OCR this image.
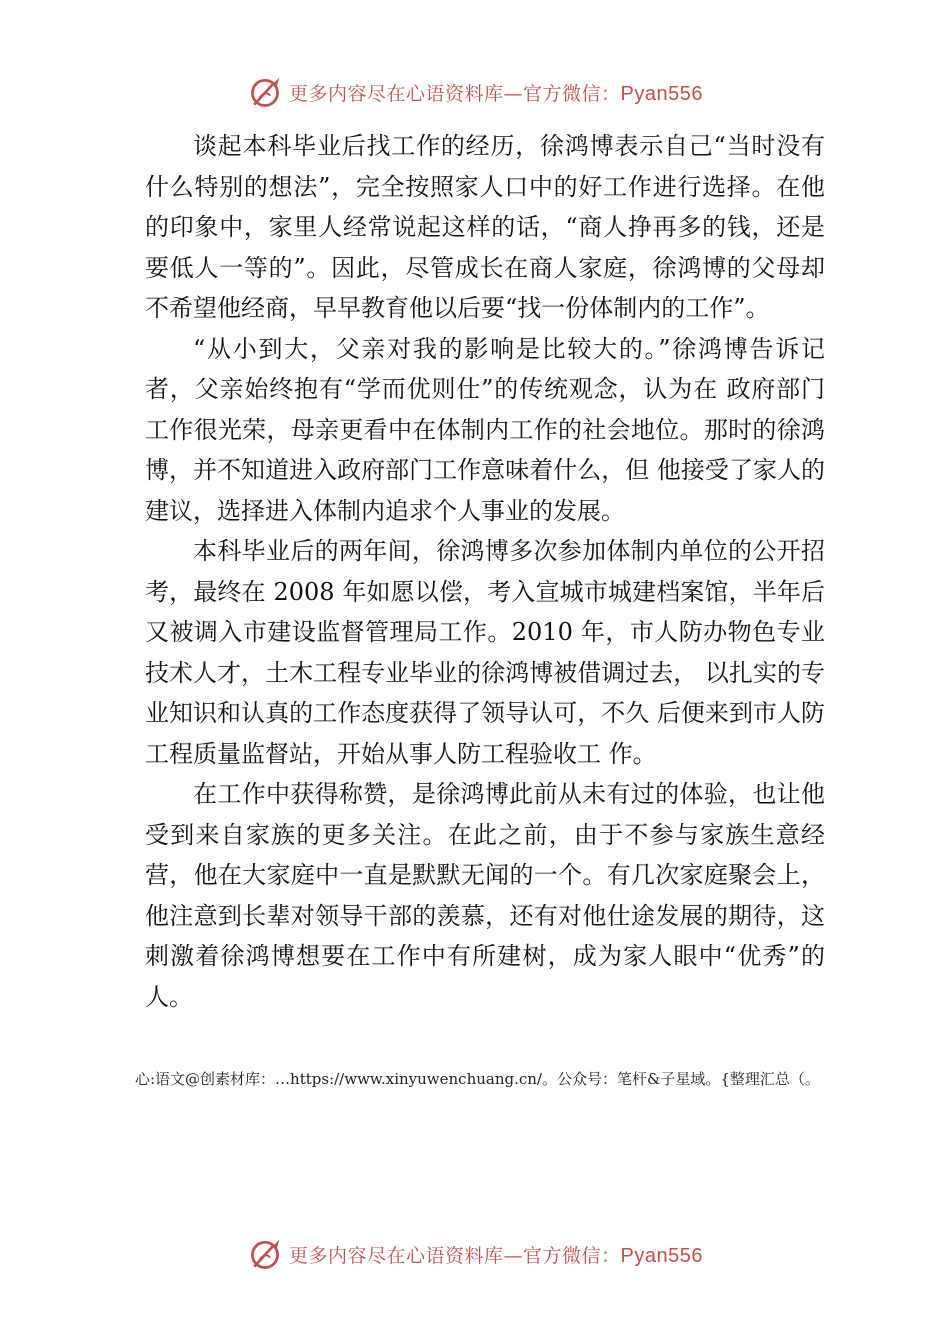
更多内容尽在心语资料库—官方微信：Pyan556

谈起本科毕业后找工作的经历，徐鸿博表示自己“当时没有什么特别的想法”，完全按照家人口中的好工作进行选择。在他的印象中，家里人经常说起这样的话，“商人挣再多的钱，还是要低人一等的”。因此，尽管成长在商人家庭，徐鸿博的父母却不希望他经商，早早教育他以后要“找一份体制内的工作”。

“从小到大，父亲对我的影响是比较大的。”徐鸿博告诉记者，父亲始终抱有“学而优则仕”的传统观念，认为在 政府部门工作很光荣，母亲更看中在体制内工作的社会地位。那时的徐鸿博，并不知道进入政府部门工作意味着什么，但 他接受了家人的建议，选择进入体制内追求个人事业的发展。

本科毕业后的两年间，徐鸿博多次参加体制内单位的公开招考，最终在 2008 年如愿以偿，考入宣城市城建档案馆，半年后又被调入市建设监督管理局工作。2010 年，市人防办物色专业技术人才，土木工程专业毕业的徐鸿博被借调过去， 以扎实的专业知识和认真的工作态度获得了领导认可，不久 后便来到市人防工程质量监督站，开始从事人防工程验收工 作。

在工作中获得称赞，是徐鸿博此前从未有过的体验，也让他受到来自家族的更多关注。在此之前，由于不参与家族生意经营，他在大家庭中一直是默默无闻的一个。有几次家庭聚会上，他注意到长辈对领导干部的羡慕，还有对他仕途发展的期待，这刺激着徐鸿博想要在工作中有所建树，成为家人眼中“优秀”的人。

心:语文@创素材库：…https://www.xinyuwenchuang.cn/。公众号：笔杆&子星域。{整理汇总（。
更多内容尽在心语资料库—官方微信：Pyan556
